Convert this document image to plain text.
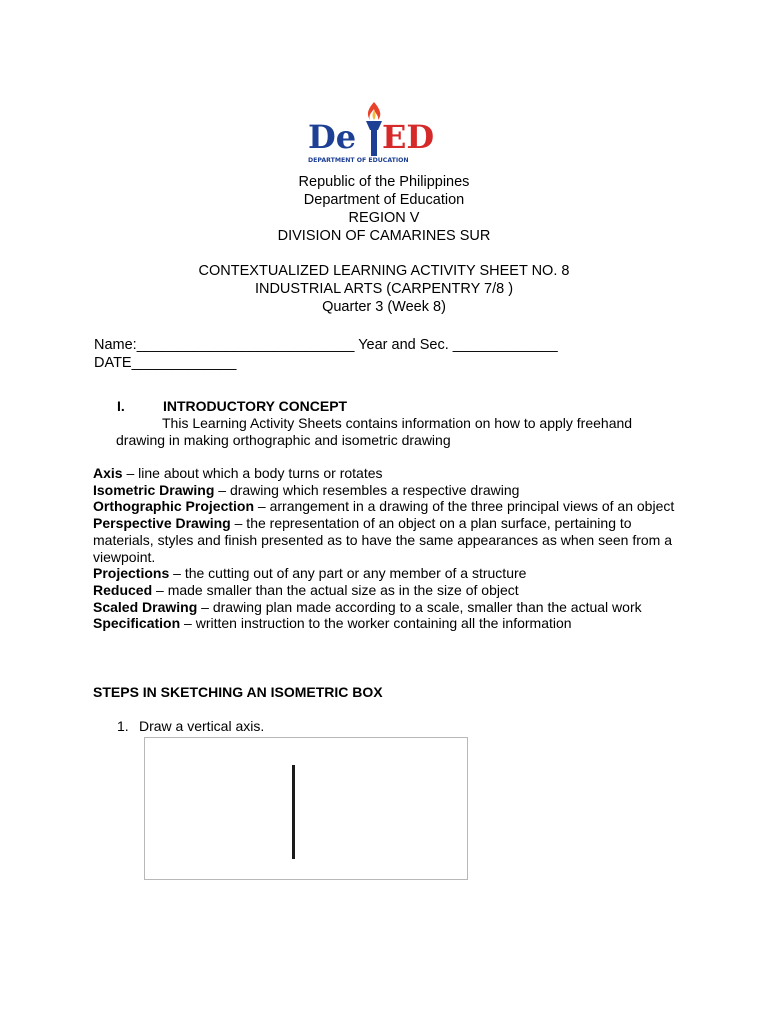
De ED
DEPARTMENT OF EDUCATION
Republic of the Philippines
Department of Education
REGION V
DIVISION OF CAMARINES SUR
CONTEXTUALIZED LEARNING ACTIVITY SHEET NO. 8
INDUSTRIAL ARTS (CARPENTRY 7/8 )
Quarter 3 (Week 8)
Name:___________________________ Year and Sec. _____________
DATE_____________
I.	INTRODUCTORY CONCEPT
This Learning Activity Sheets contains information on how to apply freehand drawing in making orthographic and isometric drawing

Axis – line about which a body turns or rotates

Isometric Drawing – drawing which resembles a respective drawing

Orthographic Projection – arrangement in a drawing of the three principal views of an object

Perspective Drawing – the representation of an object on a plan surface, pertaining to materials, styles and finish presented as to have the same appearances as when seen from a viewpoint.

Projections – the cutting out of any part or any member of a structure

Reduced – made smaller than the actual size as in the size of object

Scaled Drawing – drawing plan made according to a scale, smaller than the actual work

Specification – written instruction to the worker containing all the information

STEPS IN SKETCHING AN ISOMETRIC BOX
1. Draw a vertical axis.
